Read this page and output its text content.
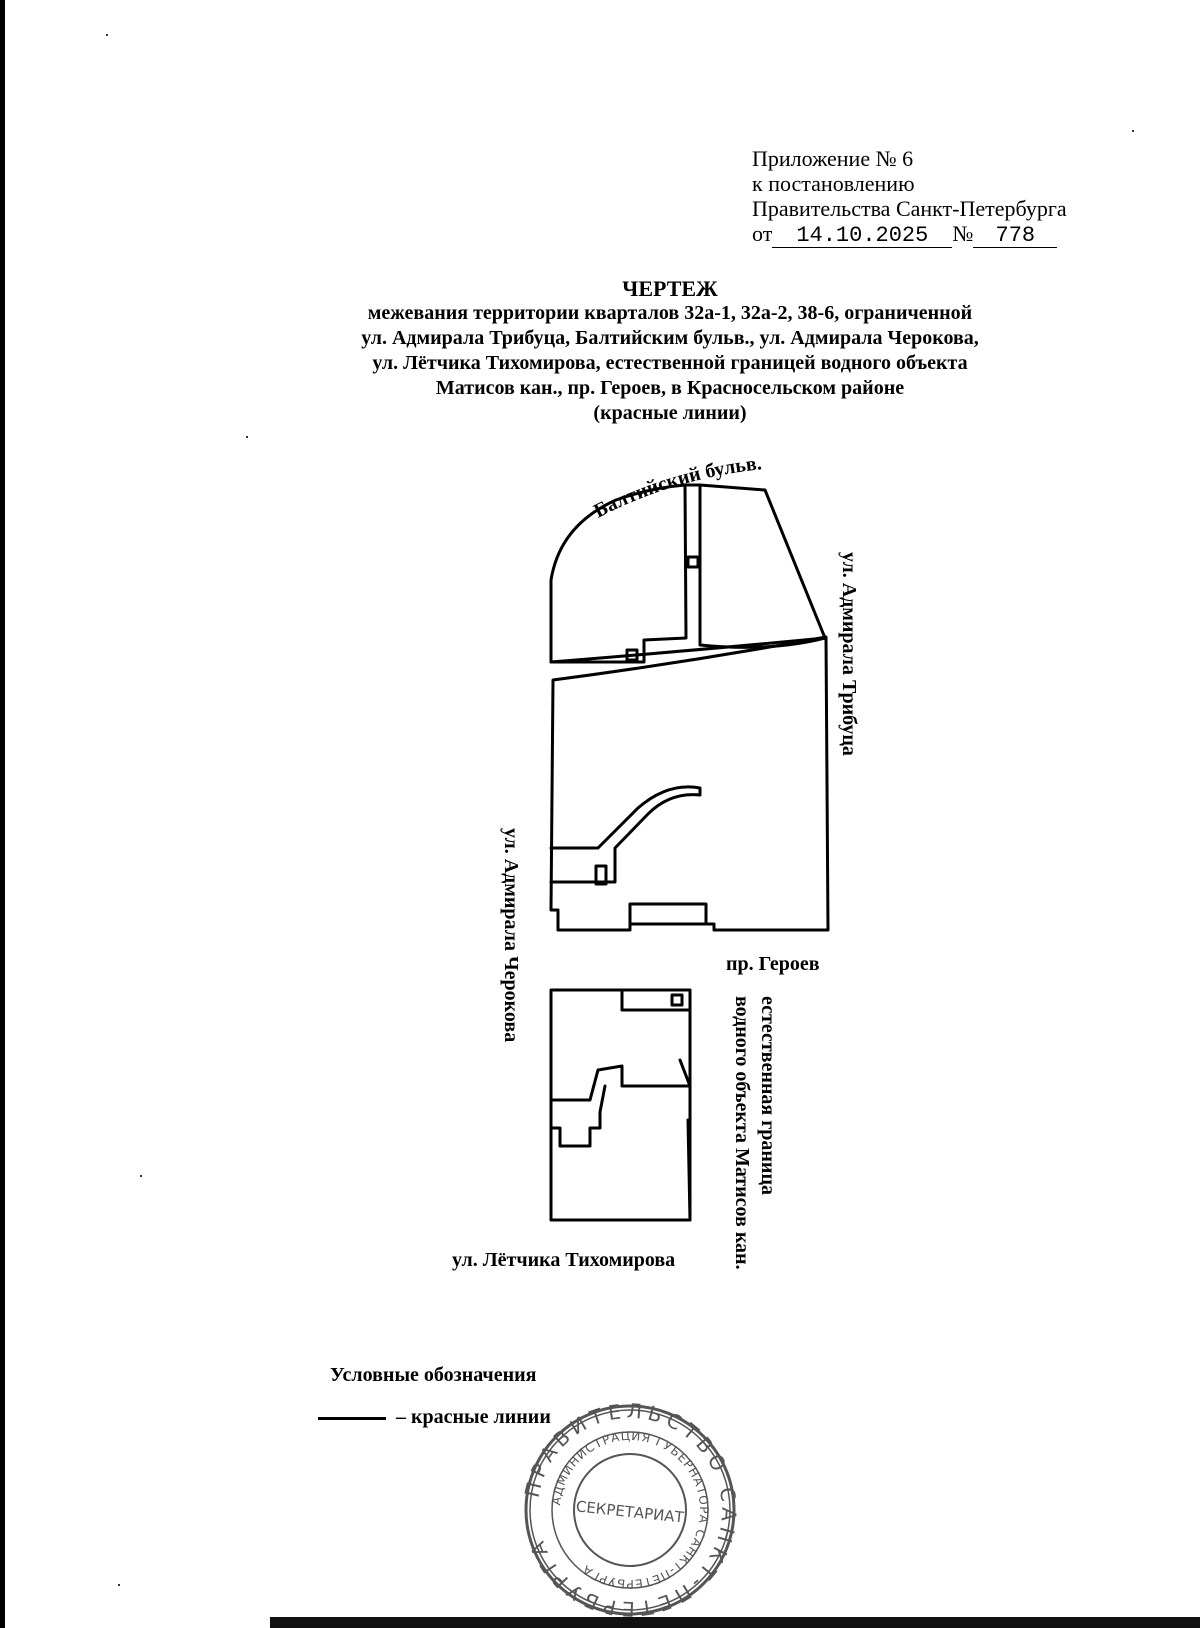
Приложение № 6
к постановлению
Правительства Санкт-Петербурга
от 14.10.2025 № 778
ЧЕРТЕЖ
межевания территории кварталов 32а-1, 32а-2, 38-6, ограниченной
ул. Адмирала Трибуца, Балтийским бульв., ул. Адмирала Черокова,
ул. Лётчика Тихомирова, естественной границей водного объекта
Матисов кан., пр. Героев, в Красносельском районе
(красные линии)
Балтийский бульв.
ул. Адмирала Трибуца
ул. Адмирала Черокова	пр. Героев
естественная граница
водного объекта Матисов кан.
ул. Лётчика Тихомирова
ПРАВИТЕЛЬСТВО САНКТ-ПЕТЕРБУРГА
АДМИНИСТРАЦИЯ ГУБЕРНАТОРА САНКТ-ПЕТЕРБУРГА
СЕКРЕТАРИАТ
Условные обозначения
– красные линии
